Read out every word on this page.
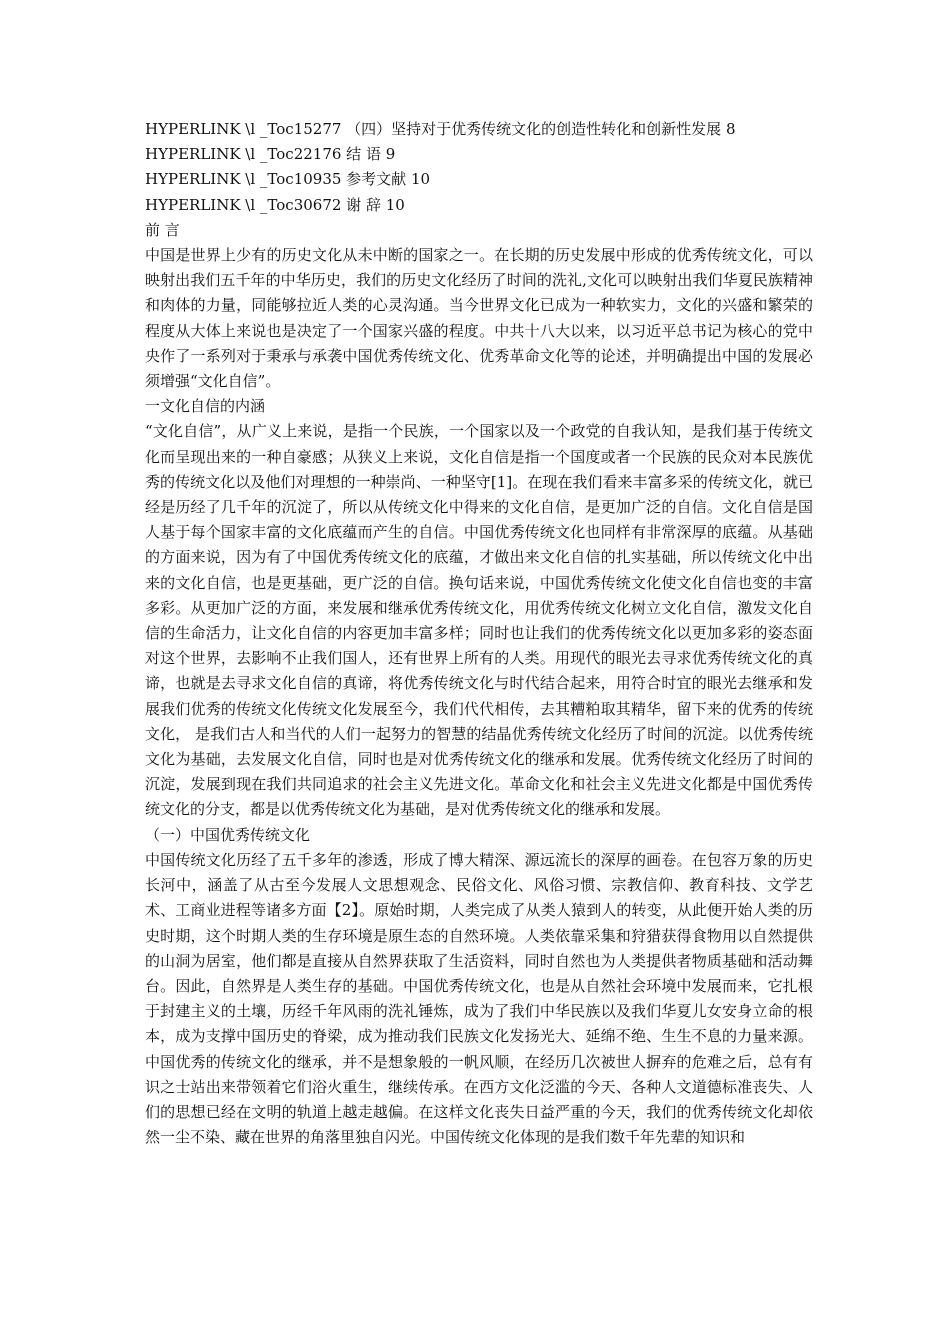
HYPERLINK \l _Toc15277 （四）坚持对于优秀传统文化的创造性转化和创新性发展 8
HYPERLINK \l _Toc22176 结 语 9
HYPERLINK \l _Toc10935 参考文献 10
HYPERLINK \l _Toc30672 谢 辞 10
前 言

中国是世界上少有的历史文化从未中断的国家之一。在长期的历史发展中形成的优秀传统文化，可以映射出我们五千年的中华历史，我们的历史文化经历了时间的洗礼,文化可以映射出我们华夏民族精神和肉体的力量，同能够拉近人类的心灵沟通。当今世界文化已成为一种软实力，文化的兴盛和繁荣的程度从大体上来说也是决定了一个国家兴盛的程度。中共十八大以来，以习近平总书记为核心的党中央作了一系列对于秉承与承袭中国优秀传统文化、优秀革命文化等的论述，并明确提出中国的发展必须增强“文化自信”。

一文化自信的内涵

“文化自信”，从广义上来说，是指一个民族，一个国家以及一个政党的自我认知，是我们基于传统文化而呈现出来的一种自豪感；从狭义上来说，文化自信是指一个国度或者一个民族的民众对本民族优秀的传统文化以及他们对理想的一种崇尚、一种坚守[1]。在现在我们看来丰富多采的传统文化，就已经是历经了几千年的沉淀了，所以从传统文化中得来的文化自信，是更加广泛的自信。文化自信是国人基于每个国家丰富的文化底蕴而产生的自信。中国优秀传统文化也同样有非常深厚的底蕴。从基础的方面来说，因为有了中国优秀传统文化的底蕴，才做出来文化自信的扎实基础，所以传统文化中出来的文化自信，也是更基础，更广泛的自信。换句话来说，中国优秀传统文化使文化自信也变的丰富多彩。从更加广泛的方面，来发展和继承优秀传统文化，用优秀传统文化树立文化自信，激发文化自信的生命活力，让文化自信的内容更加丰富多样；同时也让我们的优秀传统文化以更加多彩的姿态面对这个世界，去影响不止我们国人，还有世界上所有的人类。用现代的眼光去寻求优秀传统文化的真谛，也就是去寻求文化自信的真谛，将优秀传统文化与时代结合起来，用符合时宜的眼光去继承和发展我们优秀的传统文化传统文化发展至今，我们代代相传，去其糟粕取其精华，留下来的优秀的传统文化， 是我们古人和当代的人们一起努力的智慧的结晶优秀传统文化经历了时间的沉淀。以优秀传统文化为基础，去发展文化自信，同时也是对优秀传统文化的继承和发展。优秀传统文化经历了时间的沉淀，发展到现在我们共同追求的社会主义先进文化。革命文化和社会主义先进文化都是中国优秀传统文化的分支，都是以优秀传统文化为基础，是对优秀传统文化的继承和发展。

（一）中国优秀传统文化

中国传统文化历经了五千多年的渗透，形成了博大精深、源远流长的深厚的画卷。在包容万象的历史长河中，涵盖了从古至今发展人文思想观念、民俗文化、风俗习惯、宗教信仰、教育科技、文学艺术、工商业进程等诸多方面【2】。原始时期，人类完成了从类人猿到人的转变，从此便开始人类的历史时期，这个时期人类的生存环境是原生态的自然环境。人类依靠采集和狩猎获得食物用以自然提供的山洞为居室，他们都是直接从自然界获取了生活资料，同时自然也为人类提供者物质基础和活动舞台。因此，自然界是人类生存的基础。中国优秀传统文化，也是从自然社会环境中发展而来，它扎根于封建主义的土壤，历经千年风雨的洗礼锤炼，成为了我们中华民族以及我们华夏儿女安身立命的根本，成为支撑中国历史的脊梁，成为推动我们民族文化发扬光大、延绵不绝、生生不息的力量来源。中国优秀的传统文化的继承，并不是想象般的一帆风顺，在经历几次被世人摒弃的危难之后，总有有识之士站出来带领着它们浴火重生，继续传承。在西方文化泛滥的今天、各种人文道德标准丧失、人们的思想已经在文明的轨道上越走越偏。在这样文化丧失日益严重的今天，我们的优秀传统文化却依然一尘不染、藏在世界的角落里独自闪光。中国传统文化体现的是我们数千年先辈的知识和
